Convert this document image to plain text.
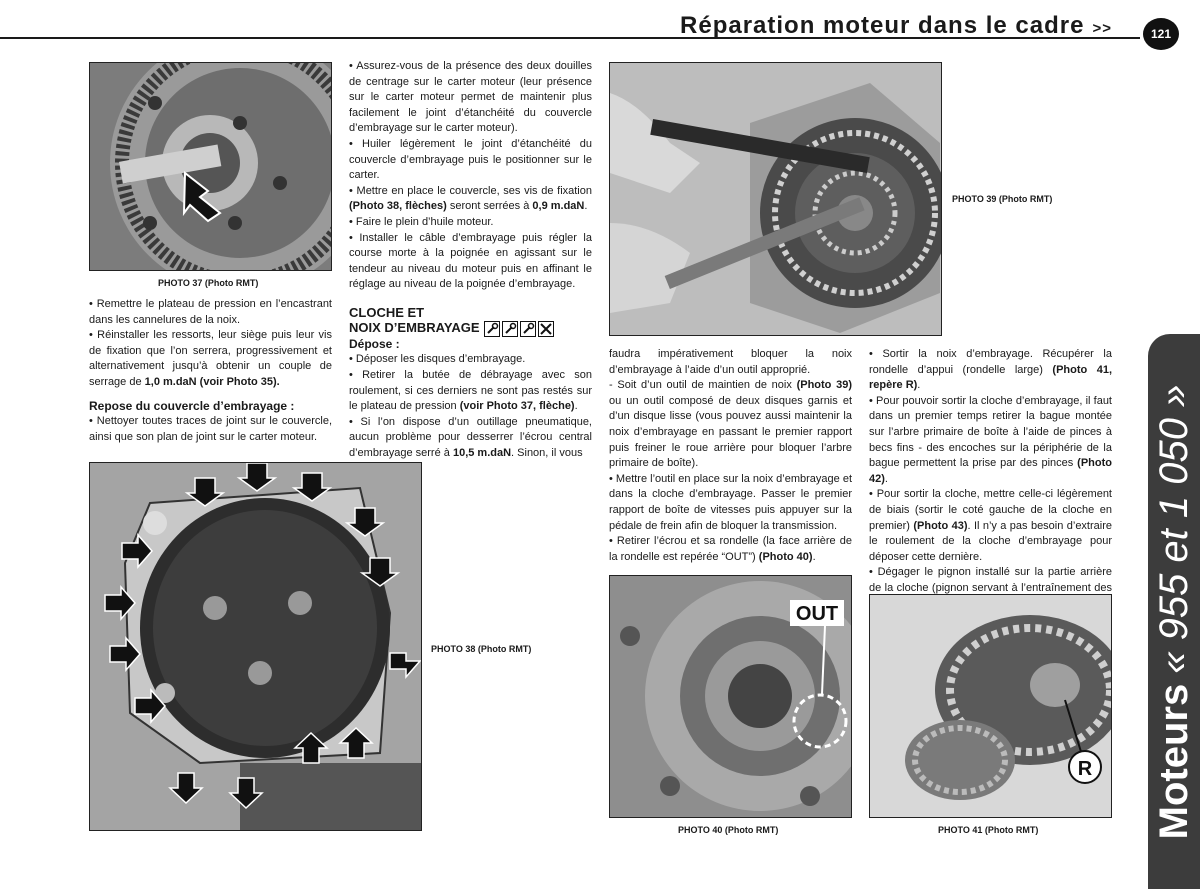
Réparation moteur dans le cadre >>	121
Moteurs« 955 et 1 050 »
PHOTO 37 (Photo RMT)

• Remettre le plateau de pression en l’encastrant dans les cannelures de la noix.

• Réinstaller les ressorts, leur siège puis leur vis de fixation que l’on serrera, progressivement et alternativement jusqu’à obtenir un couple de serrage de 1,0 m.daN (voir Photo 35).

Repose du couvercle d’embrayage :

• Nettoyer toutes traces de joint sur le couvercle, ainsi que son plan de joint sur le carter moteur.

• Assurez-vous de la présence des deux douilles de centrage sur le carter moteur (leur présence sur le carter moteur permet de maintenir plus facilement le joint d’étanchéité du couvercle d’embrayage sur le carter moteur).

• Huiler légèrement le joint d’étanchéité du couvercle d’embrayage puis le positionner sur le carter.

• Mettre en place le couvercle, ses vis de fixation (Photo 38, flèches) seront serrées à 0,9 m.daN.

• Faire le plein d’huile moteur.

• Installer le câble d’embrayage puis régler la course morte à la poignée en agissant sur le tendeur au niveau du moteur puis en affinant le réglage au niveau de la poignée d’embrayage.

CLOCHE ET
NOIX D’EMBRAYAGE
Dépose :

• Déposer les disques d’embrayage.

• Retirer la butée de débrayage avec son roulement, si ces derniers ne sont pas restés sur le plateau de pression (voir Photo 37, flèche).

• Si l’on dispose d’un outillage pneumatique, aucun problème pour desserrer l’écrou central d’embrayage serré à 10,5 m.daN. Sinon, il vous

PHOTO 38 (Photo RMT)
PHOTO 39 (Photo RMT)

faudra impérativement bloquer la noix d’embrayage à l’aide d’un outil approprié.

- Soit d’un outil de maintien de noix (Photo 39) ou un outil composé de deux disques garnis et d’un disque lisse (vous pouvez aussi maintenir la noix d’embrayage en passant le premier rapport puis freiner le roue arrière pour bloquer l’arbre primaire de boîte).

• Mettre l’outil en place sur la noix d’embrayage et dans la cloche d’embrayage. Passer le premier rapport de boîte de vitesses puis appuyer sur la pédale de frein afin de bloquer la transmission.

• Retirer l’écrou et sa rondelle (la face arrière de la rondelle est repérée “OUT”) (Photo 40).

• Sortir la noix d’embrayage. Récupérer la rondelle d’appui (rondelle large) (Photo 41, repère R).

• Pour pouvoir sortir la cloche d’embrayage, il faut dans un premier temps retirer la bague montée sur l’arbre primaire de boîte à l’aide de pinces à becs fins - des encoches sur la périphérie de la bague permettent la prise par des pinces (Photo 42).

• Pour sortir la cloche, mettre celle-ci légèrement de biais (sortir le coté gauche de la cloche en premier) (Photo 43). Il n’y a pas besoin d’extraire le roulement de la cloche d’embrayage pour déposer cette dernière.

• Dégager le pignon installé sur la partie arrière de la cloche (pignon servant à l’entraînement des

OUT
PHOTO 40 (Photo RMT)
R
PHOTO 41 (Photo RMT)
